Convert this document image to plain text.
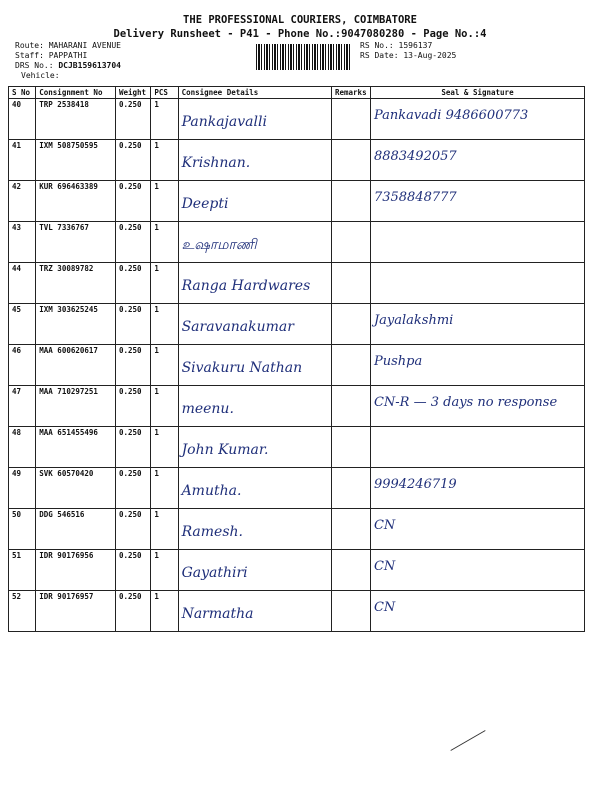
THE PROFESSIONAL COURIERS, COIMBATORE
Delivery Runsheet - P41 - Phone No.:9047080280 - Page No.:4
Route: MAHARANI AVENUE
Staff: PAPPATHI
DRS No.: DCJB159613704
Vehicle:
RS No.: 1596137
RS Date: 13-Aug-2025
S No	Consignment No	Weight	PCS	Consignee Details	Remarks	Seal & Signature
40	TRP 2538418	0.250	1	Pankajavalli		Pankavadi 9486600773

41	IXM 508750595	0.250	1	Krishnan.		8883492057

42	KUR 696463389	0.250	1	Deepti		7358848777

43	TVL 7336767	0.250	1	உஷாமாணி		

44	TRZ 30089782	0.250	1	Ranga Hardwares		

45	IXM 303625245	0.250	1	Saravanakumar		Jayalakshmi

46	MAA 600620617	0.250	1	Sivakuru Nathan		Pushpa

47	MAA 710297251	0.250	1	meenu.		CN-R — 3 days no response

48	MAA 651455496	0.250	1	John Kumar.		

49	SVK 60570420	0.250	1	Amutha.		9994246719

50	DDG 546516	0.250	1	Ramesh.		CN

51	IDR 90176956	0.250	1	Gayathiri		CN

52	IDR 90176957	0.250	1	Narmatha		CN
